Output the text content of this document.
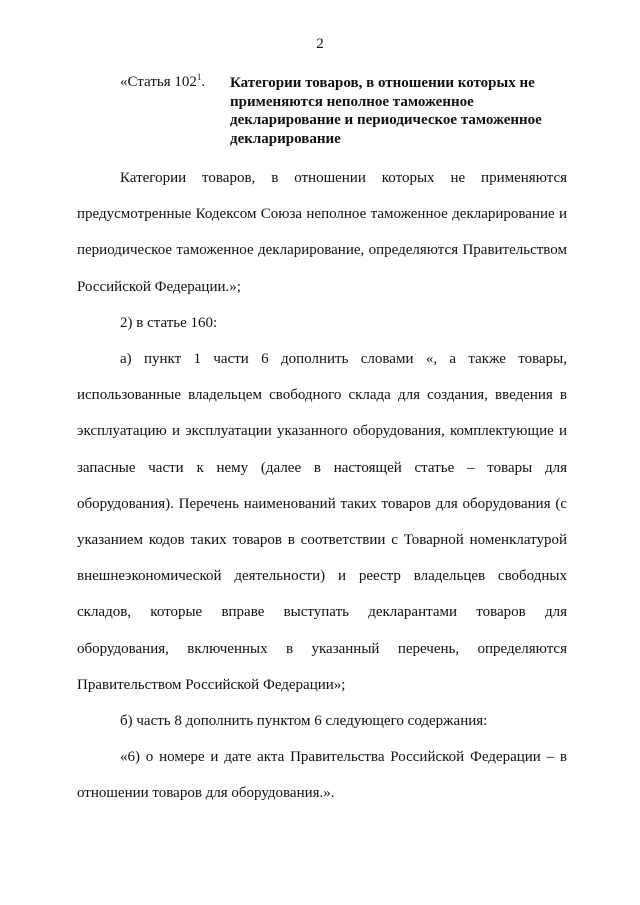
2
«Статья $102^1$. Категории товаров, в отношении которых не применяются неполное таможенное декларирование и периодическое таможенное декларирование

Категории товаров, в отношении которых не применяются предусмотренные Кодексом Союза неполное таможенное декларирование и периодическое таможенное декларирование, определяются Правительством Российской Федерации.»;

2) в статье 160:

а) пункт 1 части 6 дополнить словами «, а также товары, использованные владельцем свободного склада для создания, введения в эксплуатацию и эксплуатации указанного оборудования, комплектующие и запасные части к нему (далее в настоящей статье – товары для оборудования). Перечень наименований таких товаров для оборудования (с указанием кодов таких товаров в соответствии с Товарной номенклатурой внешнеэкономической деятельности) и реестр владельцев свободных складов, которые вправе выступать декларантами товаров для оборудования, включенных в указанный перечень, определяются Правительством Российской Федерации»;

б) часть 8 дополнить пунктом 6 следующего содержания:

«6) о номере и дате акта Правительства Российской Федерации – в отношении товаров для оборудования.».
